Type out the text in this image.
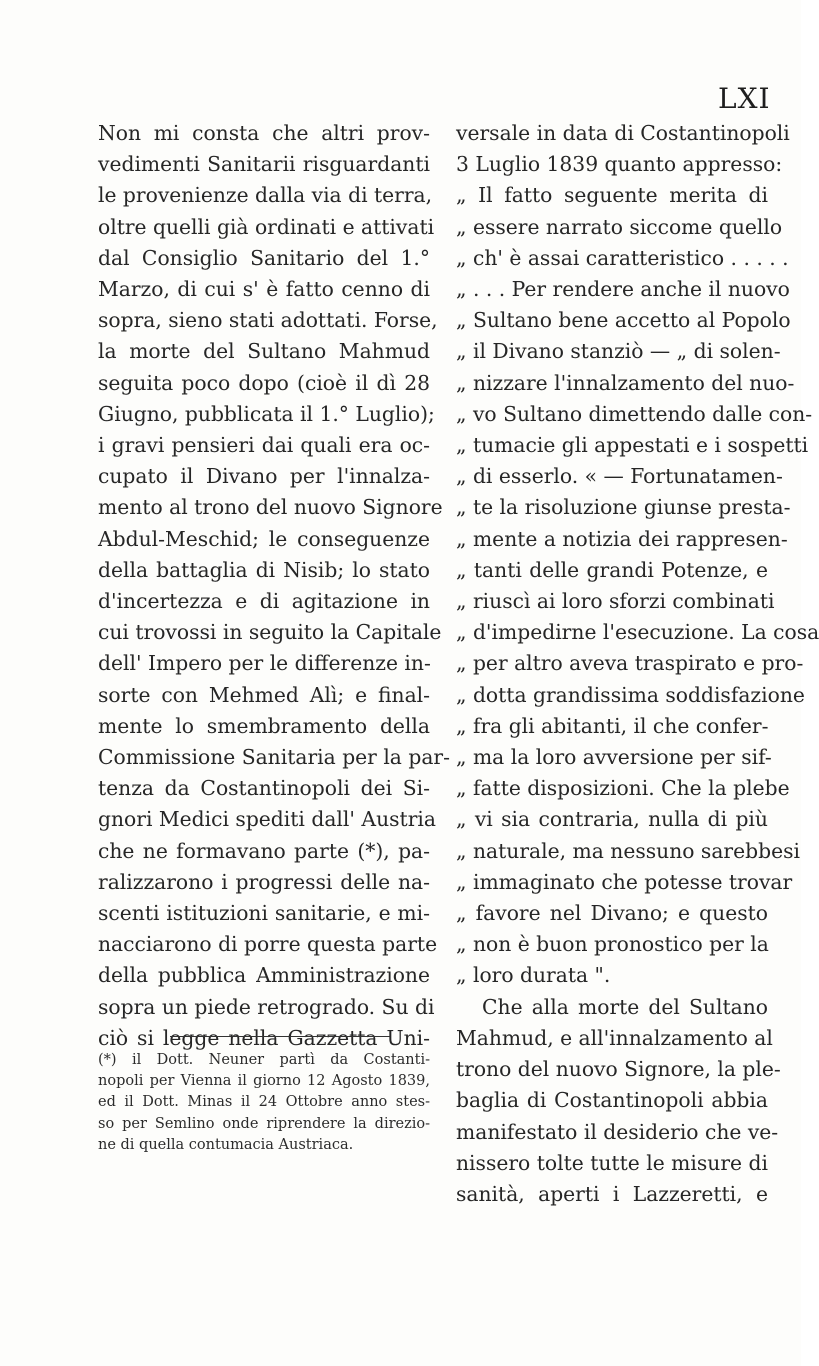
LXI
Non mi consta che altri prov-
vedimenti Sanitarii risguardanti
le provenienze dalla via di terra,
oltre quelli già ordinati e attivati
dal Consiglio Sanitario del 1.°
Marzo, di cui s' è fatto cenno di
sopra, sieno stati adottati. Forse,
la morte del Sultano Mahmud
seguita poco dopo (cioè il dì 28
Giugno, pubblicata il 1.° Luglio);
i gravi pensieri dai quali era oc-
cupato il Divano per l'innalza-
mento al trono del nuovo Signore
Abdul-Meschid; le conseguenze
della battaglia di Nisib; lo stato
d'incertezza e di agitazione in
cui trovossi in seguito la Capitale
dell' Impero per le differenze in-
sorte con Mehmed Alì; e final-
mente lo smembramento della
Commissione Sanitaria per la par-
tenza da Costantinopoli dei Si-
gnori Medici spediti dall' Austria
che ne formavano parte (*), pa-
ralizzarono i progressi delle na-
scenti istituzioni sanitarie, e mi-
nacciarono di porre questa parte
della pubblica Amministrazione
sopra un piede retrogrado. Su di
ciò si legge nella Gazzetta Uni-
(*) il Dott. Neuner partì da Costanti-
nopoli per Vienna il giorno 12 Agosto 1839,
ed il Dott. Minas il 24 Ottobre anno stes-
so per Semlino onde riprendere la direzio-
ne di quella contumacia Austriaca.
versale in data di Costantinopoli
3 Luglio 1839 quanto appresso:
„ Il fatto seguente merita di
„ essere narrato siccome quello
„ ch' è assai caratteristico . . . . .
„ . . . Per rendere anche il nuovo
„ Sultano bene accetto al Popolo
„ il Divano stanziò — „ di solen-
„ nizzare l'innalzamento del nuo-
„ vo Sultano dimettendo dalle con-
„ tumacie gli appestati e i sospetti
„ di esserlo. « — Fortunatamen-
„ te la risoluzione giunse presta-
„ mente a notizia dei rappresen-
„ tanti delle grandi Potenze, e
„ riuscì ai loro sforzi combinati
„ d'impedirne l'esecuzione. La cosa
„ per altro aveva traspirato e pro-
„ dotta grandissima soddisfazione
„ fra gli abitanti, il che confer-
„ ma la loro avversione per sif-
„ fatte disposizioni. Che la plebe
„ vi sia contraria, nulla di più
„ naturale, ma nessuno sarebbesi
„ immaginato che potesse trovar
„ favore nel Divano; e questo
„ non è buon pronostico per la
„ loro durata ".
Che alla morte del Sultano
Mahmud, e all'innalzamento al
trono del nuovo Signore, la ple-
baglia di Costantinopoli abbia
manifestato il desiderio che ve-
nissero tolte tutte le misure di
sanità, aperti i Lazzeretti, e
